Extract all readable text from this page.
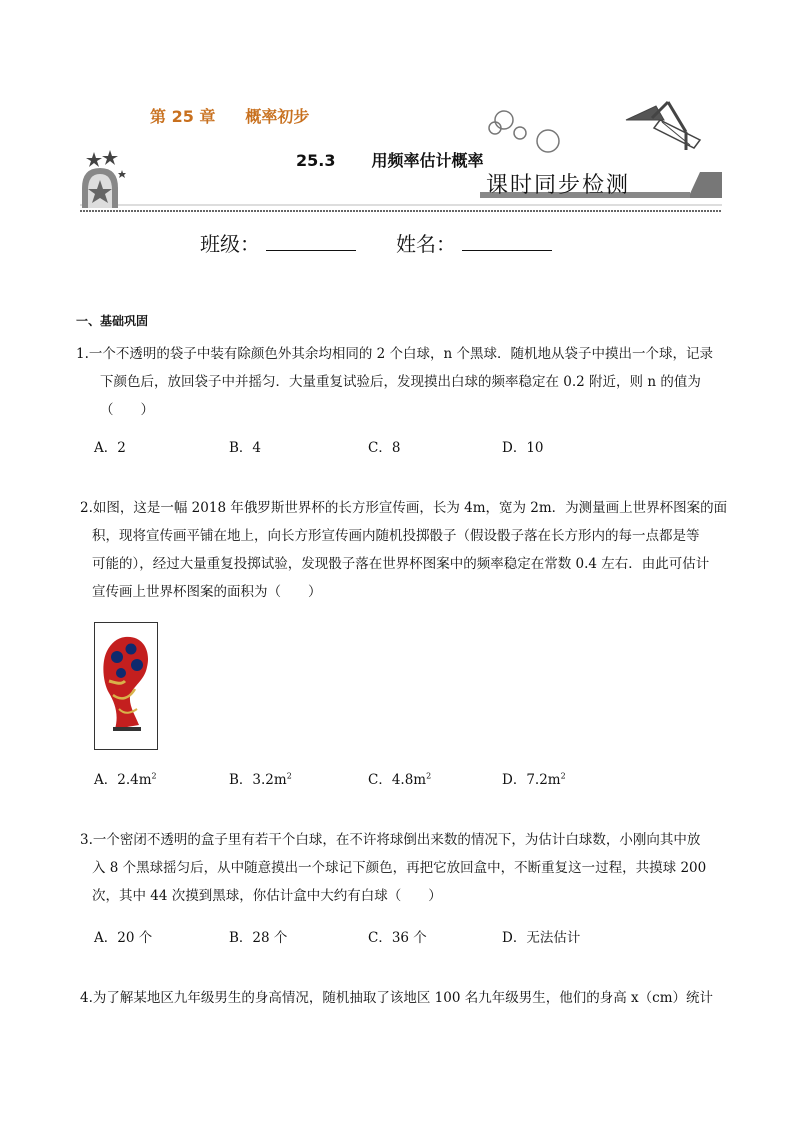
第 25 章 概率初步
25.3 用频率估计概率
课时同步检测
班级：	姓名：
一、基础巩固
1.一个不透明的袋子中装有除颜色外其余均相同的 2 个白球，n 个黑球．随机地从袋子中摸出一个球，记录
下颜色后，放回袋子中并摇匀．大量重复试验后，发现摸出白球的频率稳定在 0.2 附近，则 n 的值为
（　　）
A．2	B．4	C．8	D．10
2.如图，这是一幅 2018 年俄罗斯世界杯的长方形宣传画，长为 4m，宽为 2m．为测量画上世界杯图案的面
积，现将宣传画平铺在地上，向长方形宣传画内随机投掷骰子（假设骰子落在长方形内的每一点都是等
可能的），经过大量重复投掷试验，发现骰子落在世界杯图案中的频率稳定在常数 0.4 左右．由此可估计
宣传画上世界杯图案的面积为（　　）
A．$2.4m^2$	B．$3.2m^2$	C．$4.8m^2$	D．$7.2m^2$
3.一个密闭不透明的盒子里有若干个白球，在不许将球倒出来数的情况下，为估计白球数，小刚向其中放
入 8 个黑球摇匀后，从中随意摸出一个球记下颜色，再把它放回盒中，不断重复这一过程，共摸球 200
次，其中 44 次摸到黑球，你估计盒中大约有白球（　　）
A．20 个	B．28 个	C．36 个	D．无法估计
4.为了解某地区九年级男生的身高情况，随机抽取了该地区 100 名九年级男生，他们的身高 x（cm）统计
